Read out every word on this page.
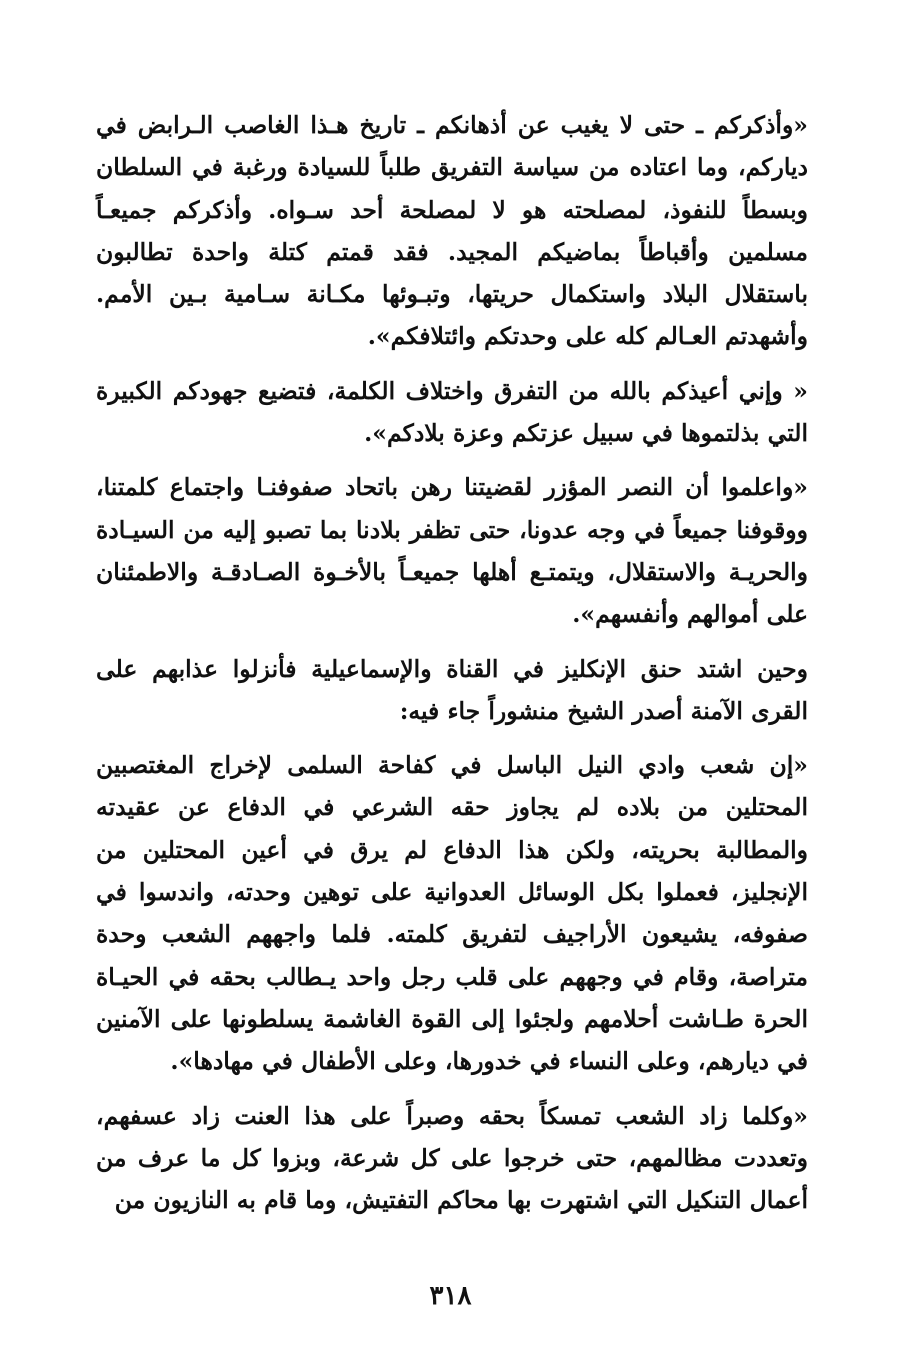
«وأذكركم ـ حتى لا يغيب عن أذهانكم ـ تاريخ هـذا الغاصب الـرابض في دياركم، وما اعتاده من سياسة التفريق طلباً للسيادة ورغبة في السلطان وبسطاً للنفوذ، لمصلحته هو لا لمصلحة أحد سـواه. وأذكركم جميعـاً مسلمين وأقباطاً بماضيكم المجيد. فقد قمتم كتلة واحدة تطالبون باستقلال البلاد واستكمال حريتها، وتبـوئها مكـانة سـامية بـين الأمم. وأشهدتم العـالم كله على وحدتكم وائتلافكم».

« وإني أعيذكم بالله من التفرق واختلاف الكلمة، فتضيع جهودكم الكبيرة التي بذلتموها في سبيل عزتكم وعزة بلادكم».

«واعلموا أن النصر المؤزر لقضيتنا رهن باتحاد صفوفنـا واجتماع كلمتنا، ووقوفنا جميعاً في وجه عدونا، حتى تظفر بلادنا بما تصبو إليه من السيـادة والحريـة والاستقلال، ويتمتـع أهلها جميعـاً بالأخـوة الصـادقـة والاطمئنان على أموالهم وأنفسهم».

وحين اشتد حنق الإنكليز في القناة والإسماعيلية فأنزلوا عذابهم على القرى الآمنة أصدر الشيخ منشوراً جاء فيه:

«إن شعب وادي النيل الباسل في كفاحة السلمى لإخراج المغتصبين المحتلين من بلاده لم يجاوز حقه الشرعي في الدفاع عن عقيدته والمطالبة بحريته، ولكن هذا الدفاع لم يرق في أعين المحتلين من الإنجليز، فعملوا بكل الوسائل العدوانية على توهين وحدته، واندسوا في صفوفه، يشيعون الأراجيف لتفريق كلمته. فلما واجههم الشعب وحدة متراصة، وقام في وجههم على قلب رجل واحد يـطالب بحقه في الحيـاة الحرة طـاشت أحلامهم ولجئوا إلى القوة الغاشمة يسلطونها على الآمنين في ديارهم، وعلى النساء في خدورها، وعلى الأطفال في مهادها».

«وكلما زاد الشعب تمسكاً بحقه وصبراً على هذا العنت زاد عسفهم، وتعددت مظالمهم، حتى خرجوا على كل شرعة، وبزوا كل ما عرف من أعمال التنكيل التي اشتهرت بها محاكم التفتيش، وما قام به النازيون من

٣١٨
